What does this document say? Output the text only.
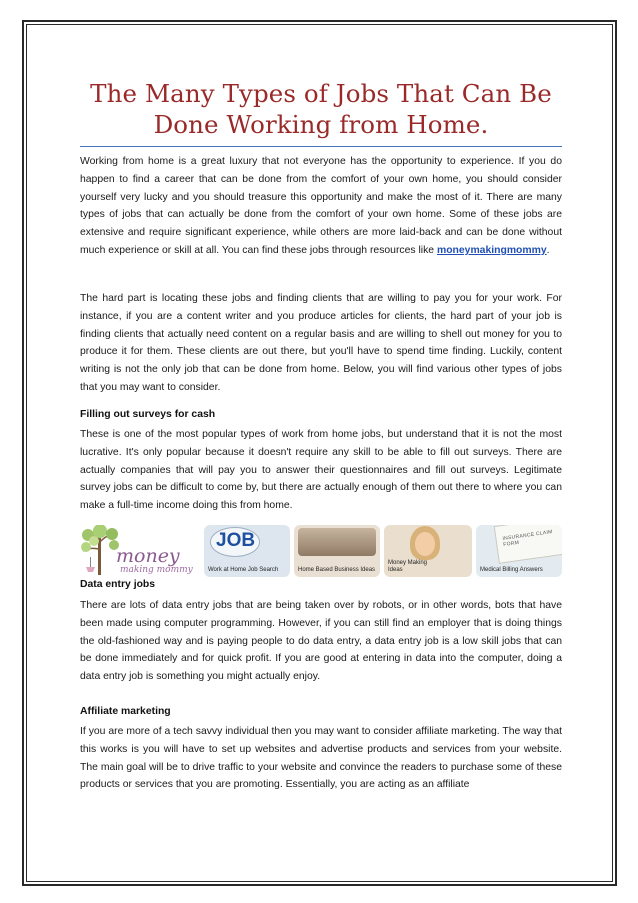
The Many Types of Jobs That Can Be
Done Working from Home.
Working from home is a great luxury that not everyone has the opportunity to experience. If you do happen to find a career that can be done from the comfort of your own home, you should consider yourself very lucky and you should treasure this opportunity and make the most of it. There are many types of jobs that can actually be done from the comfort of your own home. Some of these jobs are extensive and require significant experience, while others are more laid-back and can be done without much experience or skill at all. You can find these jobs through resources like moneymakingmommy.
The hard part is locating these jobs and finding clients that are willing to pay you for your work. For instance, if you are a content writer and you produce articles for clients, the hard part of your job is finding clients that actually need content on a regular basis and are willing to shell out money for you to produce it for them. These clients are out there, but you'll have to spend time finding. Luckily, content writing is not the only job that can be done from home. Below, you will find various other types of jobs that you may want to consider.
Filling out surveys for cash
These is one of the most popular types of work from home jobs, but understand that it is not the most lucrative. It's only popular because it doesn't require any skill to be able to fill out surveys. There are actually companies that will pay you to answer their questionnaires and fill out surveys. Legitimate survey jobs can be difficult to come by, but there are actually enough of them out there to where you can make a full-time income doing this from home.
money
making mommy
JOB
Work at Home Job Search	Home Based Business Ideas
Money Making Ideas
INSURANCE CLAIM FORM
Medical Billing Answers
Data entry jobs
There are lots of data entry jobs that are being taken over by robots, or in other words, bots that have been made using computer programming. However, if you can still find an employer that is doing things the old-fashioned way and is paying people to do data entry, a data entry job is a low skill jobs that can be done immediately and for quick profit. If you are good at entering in data into the computer, doing a data entry job is something you might actually enjoy.
Affiliate marketing
If you are more of a tech savvy individual then you may want to consider affiliate marketing. The way that this works is you will have to set up websites and advertise products and services from your website. The main goal will be to drive traffic to your website and convince the readers to purchase some of these products or services that you are promoting. Essentially, you are acting as an affiliate
